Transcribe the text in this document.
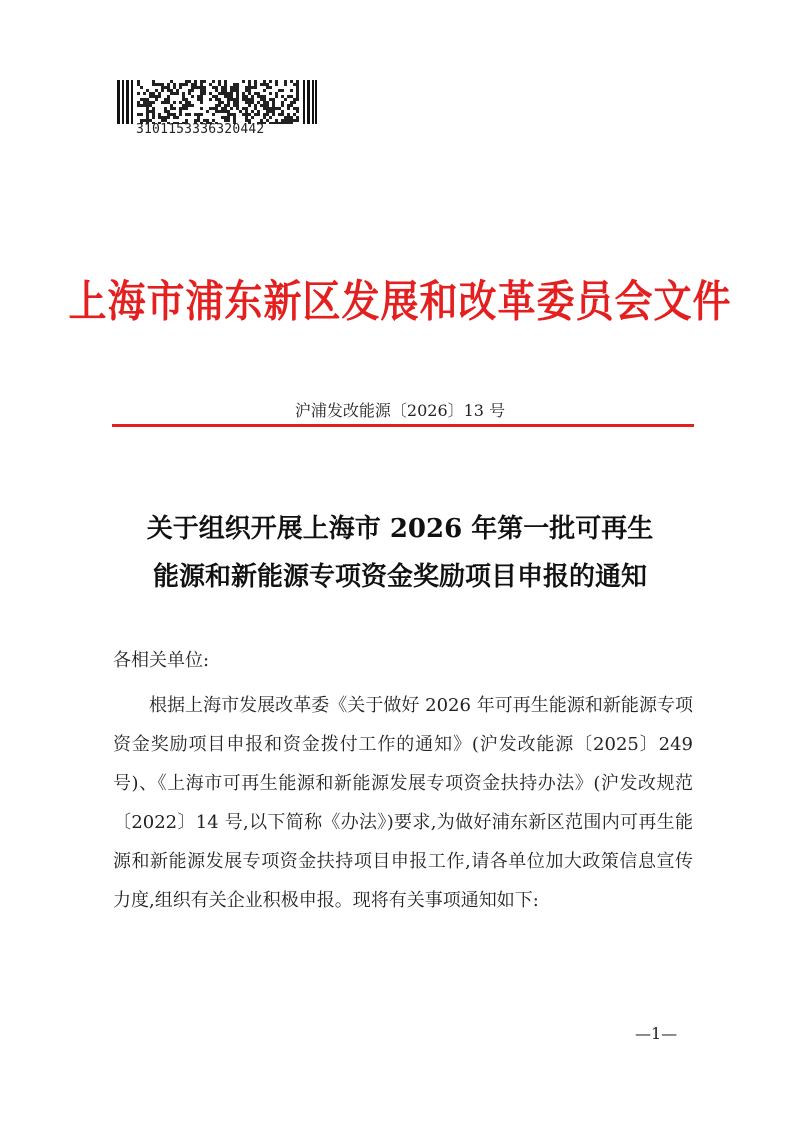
3101153336320442
上海市浦东新区发展和改革委员会文件
沪浦发改能源〔2026〕13 号
关于组织开展上海市 2026 年第一批可再生
能源和新能源专项资金奖励项目申报的通知
各相关单位:
根据上海市发展改革委《关于做好 2026 年可再生能源和新能源专项资金奖励项目申报和资金拨付工作的通知》(沪发改能源〔2025〕249 号)、《上海市可再生能源和新能源发展专项资金扶持办法》(沪发改规范〔2022〕14 号,以下简称《办法》)要求,为做好浦东新区范围内可再生能源和新能源发展专项资金扶持项目申报工作,请各单位加大政策信息宣传力度,组织有关企业积极申报。现将有关事项通知如下:
—1—
